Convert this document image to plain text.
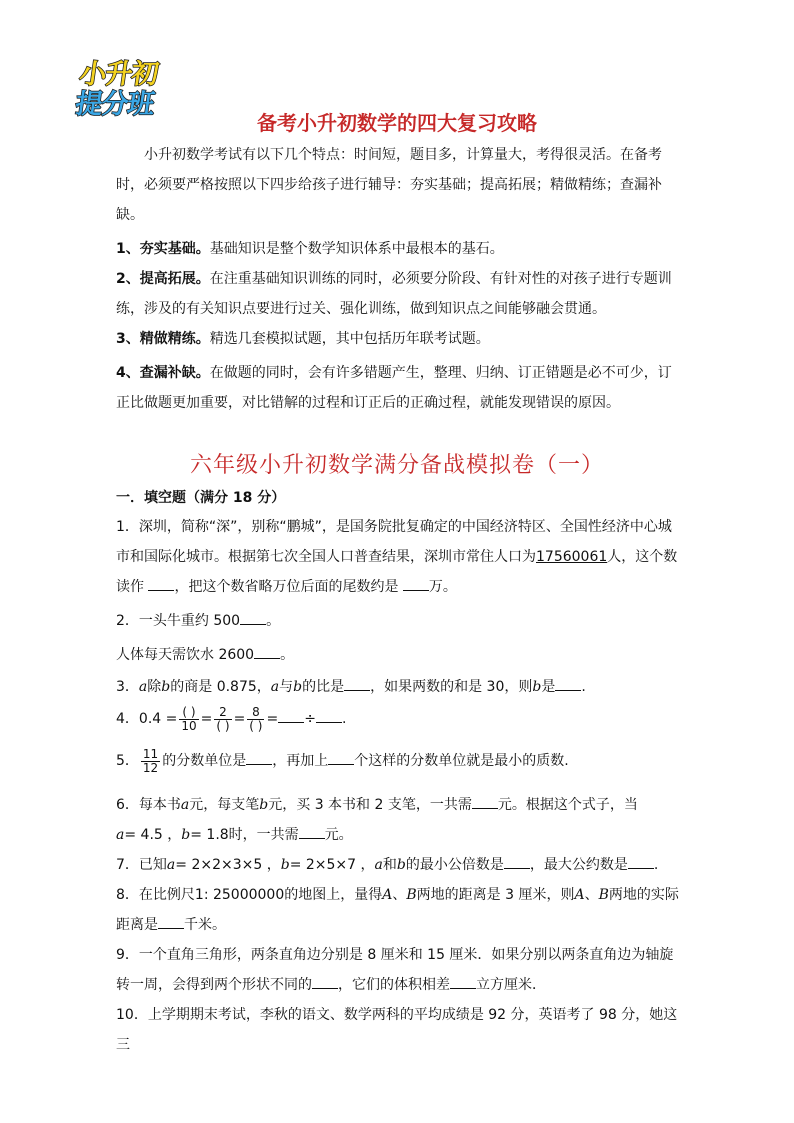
小升初
提分班
备考小升初数学的四大复习攻略

小升初数学考试有以下几个特点：时间短，题目多，计算量大，考得很灵活。在备考时，必须要严格按照以下四步给孩子进行辅导：夯实基础；提高拓展；精做精练；查漏补缺。

1、夯实基础。基础知识是整个数学知识体系中最根本的基石。

2、提高拓展。在注重基础知识训练的同时，必须要分阶段、有针对性的对孩子进行专题训练，涉及的有关知识点要进行过关、强化训练，做到知识点之间能够融会贯通。

3、精做精练。精选几套模拟试题，其中包括历年联考试题。

4、查漏补缺。在做题的同时，会有许多错题产生，整理、归纳、订正错题是必不可少，订正比做题更加重要，对比错解的过程和订正后的正确过程，就能发现错误的原因。

六年级小升初数学满分备战模拟卷（一）
一．填空题（满分 18 分）

1．深圳，简称“深”，别称“鹏城”，是国务院批复确定的中国经济特区、全国性经济中心城市和国际化城市。根据第七次全国人口普查结果，深圳市常住人口为17560061人，这个数读作 ，把这个数省略万位后面的尾数约是 万。

2．一头牛重约 500 。

人体每天需饮水 2600 。

3．a除b的商是 0.875，a与b的比是 ，如果两数的和是 30，则b是 .

4．$0.4 = \frac{( )}{10} = \frac{2}{( )} = \frac{8}{( )}$ = ÷ .

5． $\frac{11}{12}$ 的分数单位是 ，再加上 个这样的分数单位就是最小的质数.

6．每本书a元，每支笔b元，买 3 本书和 2 支笔，一共需 元。根据这个式子，当
a= 4.5 ，b= 1.8时，一共需 元。

7．已知a= 2×2×3×5 ，b= 2×5×7 ，a和b的最小公倍数是 ，最大公约数是 .

8．在比例尺1: 25000000的地图上，量得A、B两地的距离是 3 厘米，则A、B两地的实际距离是 千米。

9．一个直角三角形，两条直角边分别是 8 厘米和 15 厘米．如果分别以两条直角边为轴旋转一周，会得到两个形状不同的 ，它们的体积相差 立方厘米．

10．上学期期末考试，李秋的语文、数学两科的平均成绩是 92 分，英语考了 98 分，她这三
